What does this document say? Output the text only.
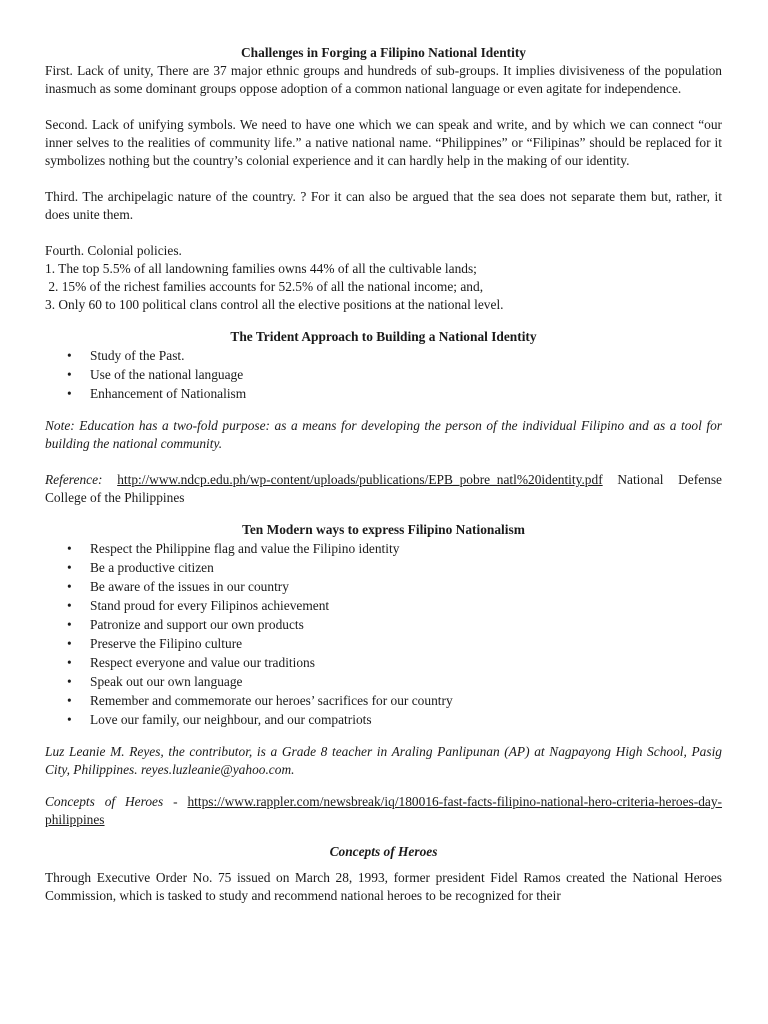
Challenges in Forging a Filipino National Identity

First. Lack of unity, There are 37 major ethnic groups and hundreds of sub-groups. It implies divisiveness of the population inasmuch as some dominant groups oppose adoption of a common national language or even agitate for independence.

Second. Lack of unifying symbols. We need to have one which we can speak and write, and by which we can connect “our inner selves to the realities of community life.” a native national name. “Philippines” or “Filipinas” should be replaced for it symbolizes nothing but the country’s colonial experience and it can hardly help in the making of our identity.

Third. The archipelagic nature of the country. ? For it can also be argued that the sea does not separate them but, rather, it does unite them.

Fourth. Colonial policies.

1. The top 5.5% of all landowning families owns 44% of all the cultivable lands;
2. 15% of the richest families accounts for 52.5% of all the national income; and,
3. Only 60 to 100 political clans control all the elective positions at the national level.
The Trident Approach to Building a National Identity
• Study of the Past.
• Use of the national language
• Enhancement of Nationalism

Note: Education has a two-fold purpose: as a means for developing the person of the individual Filipino and as a tool for building the national community.

Reference: http://www.ndcp.edu.ph/wp-content/uploads/publications/EPB_pobre_natl%20identity.pdf National Defense College of the Philippines

Ten Modern ways to express Filipino Nationalism
• Respect the Philippine flag and value the Filipino identity
• Be a productive citizen
• Be aware of the issues in our country
• Stand proud for every Filipinos achievement
• Patronize and support our own products
• Preserve the Filipino culture
• Respect everyone and value our traditions
• Speak out our own language
• Remember and commemorate our heroes’ sacrifices for our country
• Love our family, our neighbour, and our compatriots

Luz Leanie M. Reyes, the contributor, is a Grade 8 teacher in Araling Panlipunan (AP) at Nagpayong High School, Pasig City, Philippines. reyes.luzleanie@yahoo.com.

Concepts of Heroes - https://www.rappler.com/newsbreak/iq/180016-fast-facts-filipino-national-hero-criteria-heroes-day-philippines

Concepts of Heroes

Through Executive Order No. 75 issued on March 28, 1993, former president Fidel Ramos created the National Heroes Commission, which is tasked to study and recommend national heroes to be recognized for their
